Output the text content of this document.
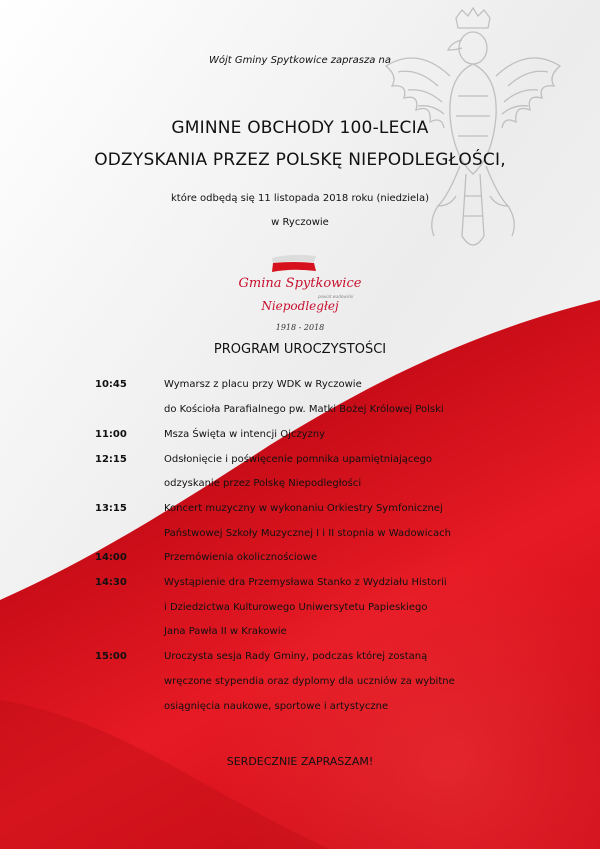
Wójt Gminy Spytkowice zaprasza na
GMINNE OBCHODY 100-LECIA
ODZYSKANIA PRZEZ POLSKĘ NIEPODLEGŁOŚCI,
które odbędą się 11 listopada 2018 roku (niedziela)
w Ryczowie
Gmina Spytkowice
powiat wadowicki
Niepodległej
1918 - 2018
PROGRAM UROCZYSTOŚCI
10:45	Wymarsz z placu przy WDK w Ryczowie
do Kościoła Parafialnego pw. Matki Bożej Królowej Polski
11:00	Msza Święta w intencji Ojczyzny
12:15	Odsłonięcie i poświęcenie pomnika upamiętniającego
odzyskanie przez Polskę Niepodległości
13:15	Koncert muzyczny w wykonaniu Orkiestry Symfonicznej
Państwowej Szkoły Muzycznej I i II stopnia w Wadowicach
14:00	Przemówienia okolicznościowe
14:30	Wystąpienie dra Przemysława Stanko z Wydziału Historii
i Dziedzictwa Kulturowego Uniwersytetu Papieskiego
Jana Pawła II w Krakowie
15:00	Uroczysta sesja Rady Gminy, podczas której zostaną
wręczone stypendia oraz dyplomy dla uczniów za wybitne
osiągnięcia naukowe, sportowe i artystyczne
SERDECZNIE ZAPRASZAM!
